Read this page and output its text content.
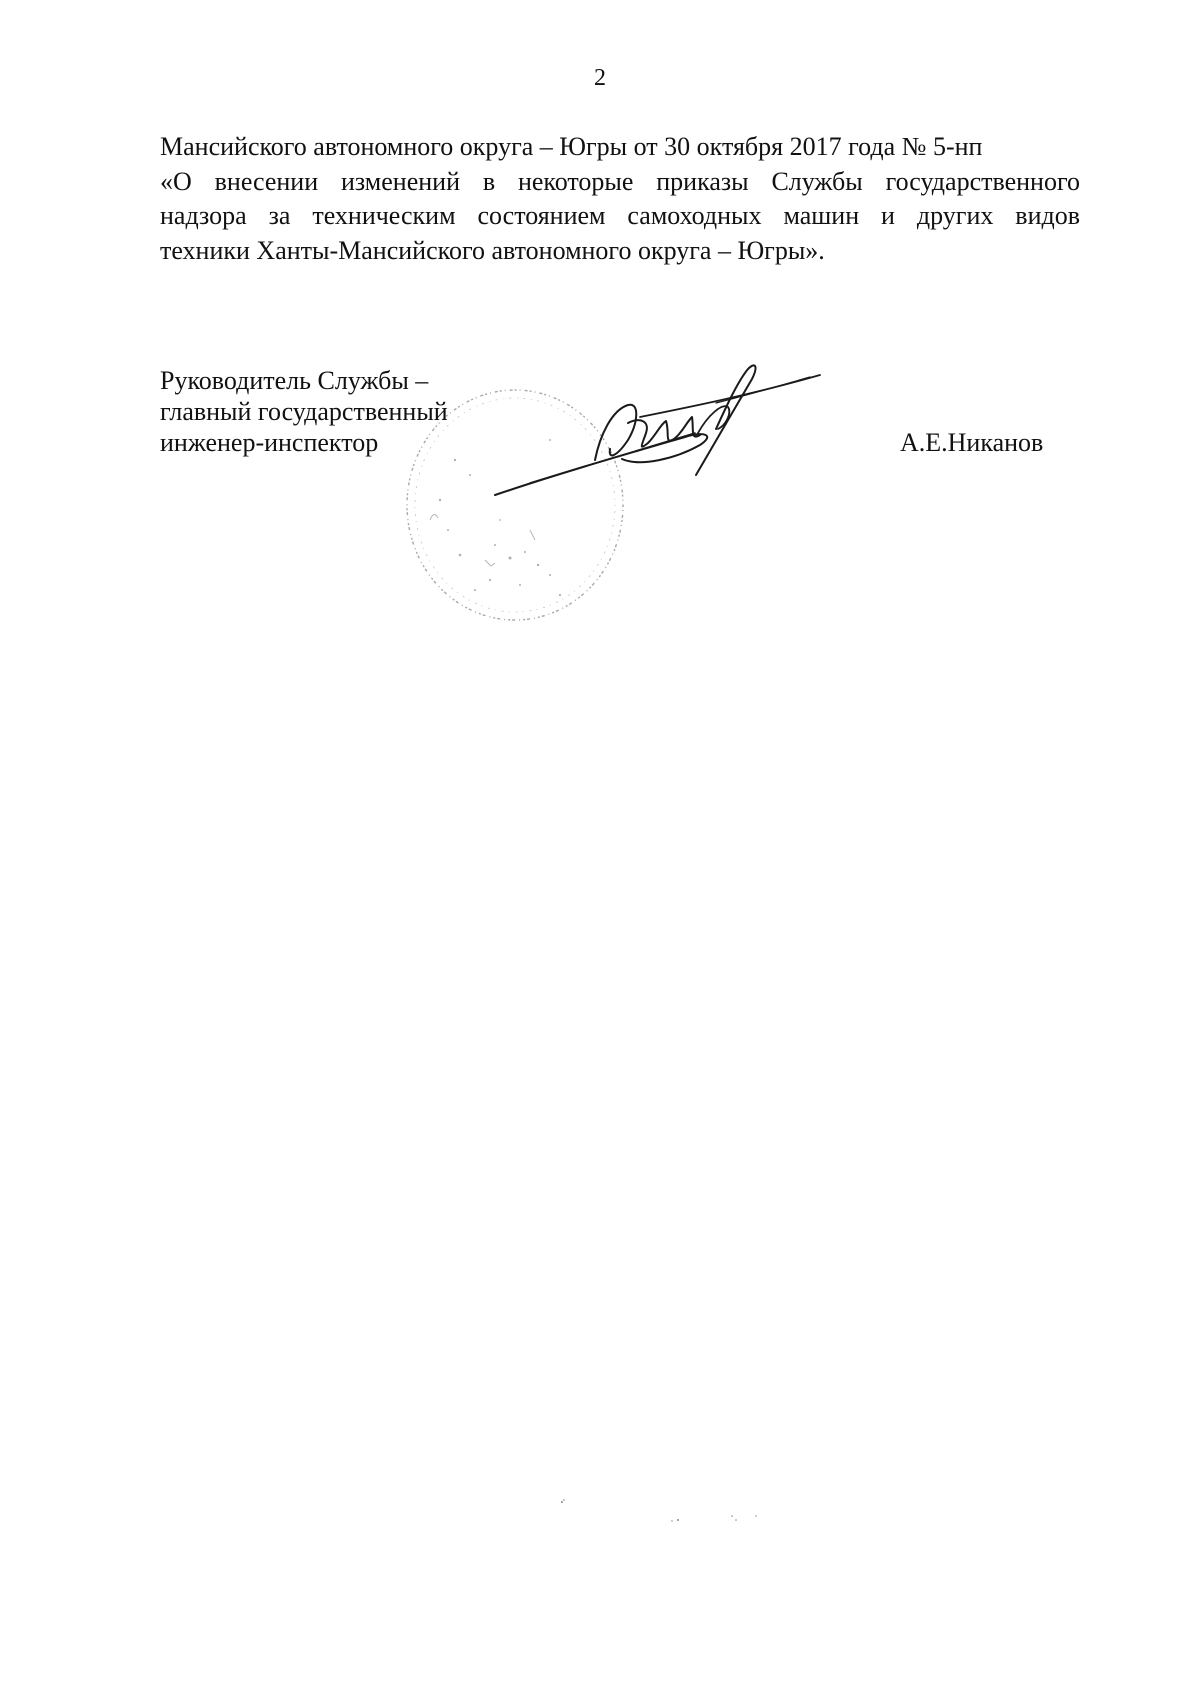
2
Мансийского автономного округа – Югры от 30 октября 2017 года № 5-нп
«О внесении изменений в некоторые приказы Службы государственного
надзора за техническим состоянием самоходных машин и других видов
техники Ханты-Мансийского автономного округа – Югры».
Руководитель Службы –
главный государственный
инженер-инспектор	А.Е.Никанов
